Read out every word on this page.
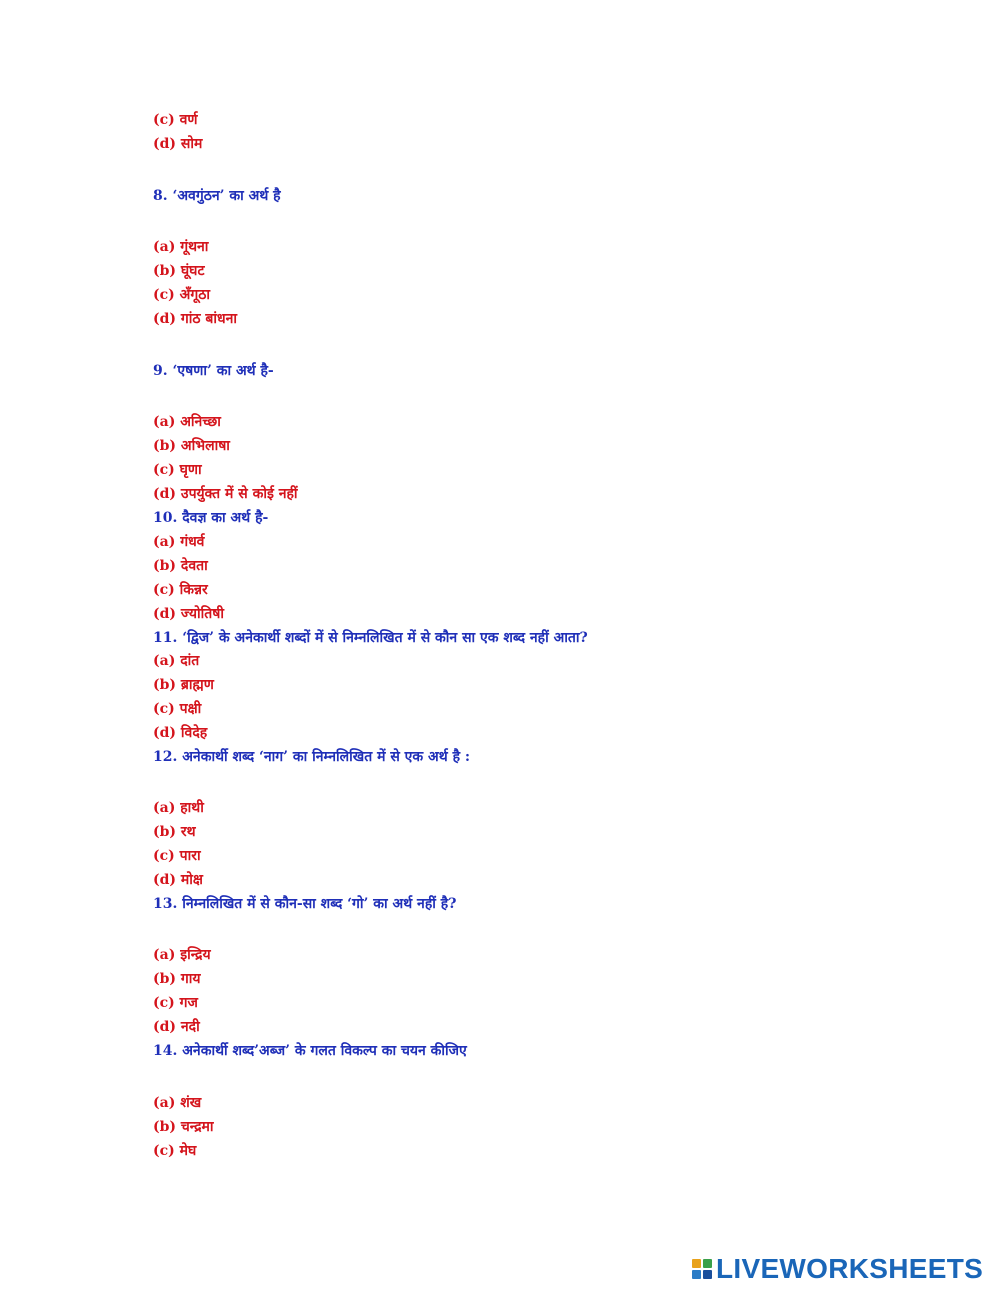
(c) वर्ण
(d) सोम
8. ‘अवगुंठन’ का अर्थ है
(a) गूंथना
(b) घूंघट
(c) अँगूठा
(d) गांठ बांधना
9. ‘एषणा’ का अर्थ है-
(a) अनिच्छा
(b) अभिलाषा
(c) घृणा
(d) उपर्युक्त में से कोई नहीं
10. दैवज्ञ का अर्थ है-
(a) गंधर्व
(b) देवता
(c) किन्नर
(d) ज्योतिषी
11. ‘द्विज’ के अनेकार्थी शब्दों में से निम्नलिखित में से कौन सा एक शब्द नहीं आता?
(a) दांत
(b) ब्राह्मण
(c) पक्षी
(d) विदेह
12. अनेकार्थी शब्द ‘नाग’ का निम्नलिखित में से एक अर्थ है :
(a) हाथी
(b) रथ
(c) पारा
(d) मोक्ष
13. निम्नलिखित में से कौन-सा शब्द ‘गो’ का अर्थ नहीं है?
(a) इन्द्रिय
(b) गाय
(c) गज
(d) नदी
14. अनेकार्थी शब्द’अब्ज’ के गलत विकल्प का चयन कीजिए
(a) शंख
(b) चन्द्रमा
(c) मेघ
LIVEWORKSHEETS
